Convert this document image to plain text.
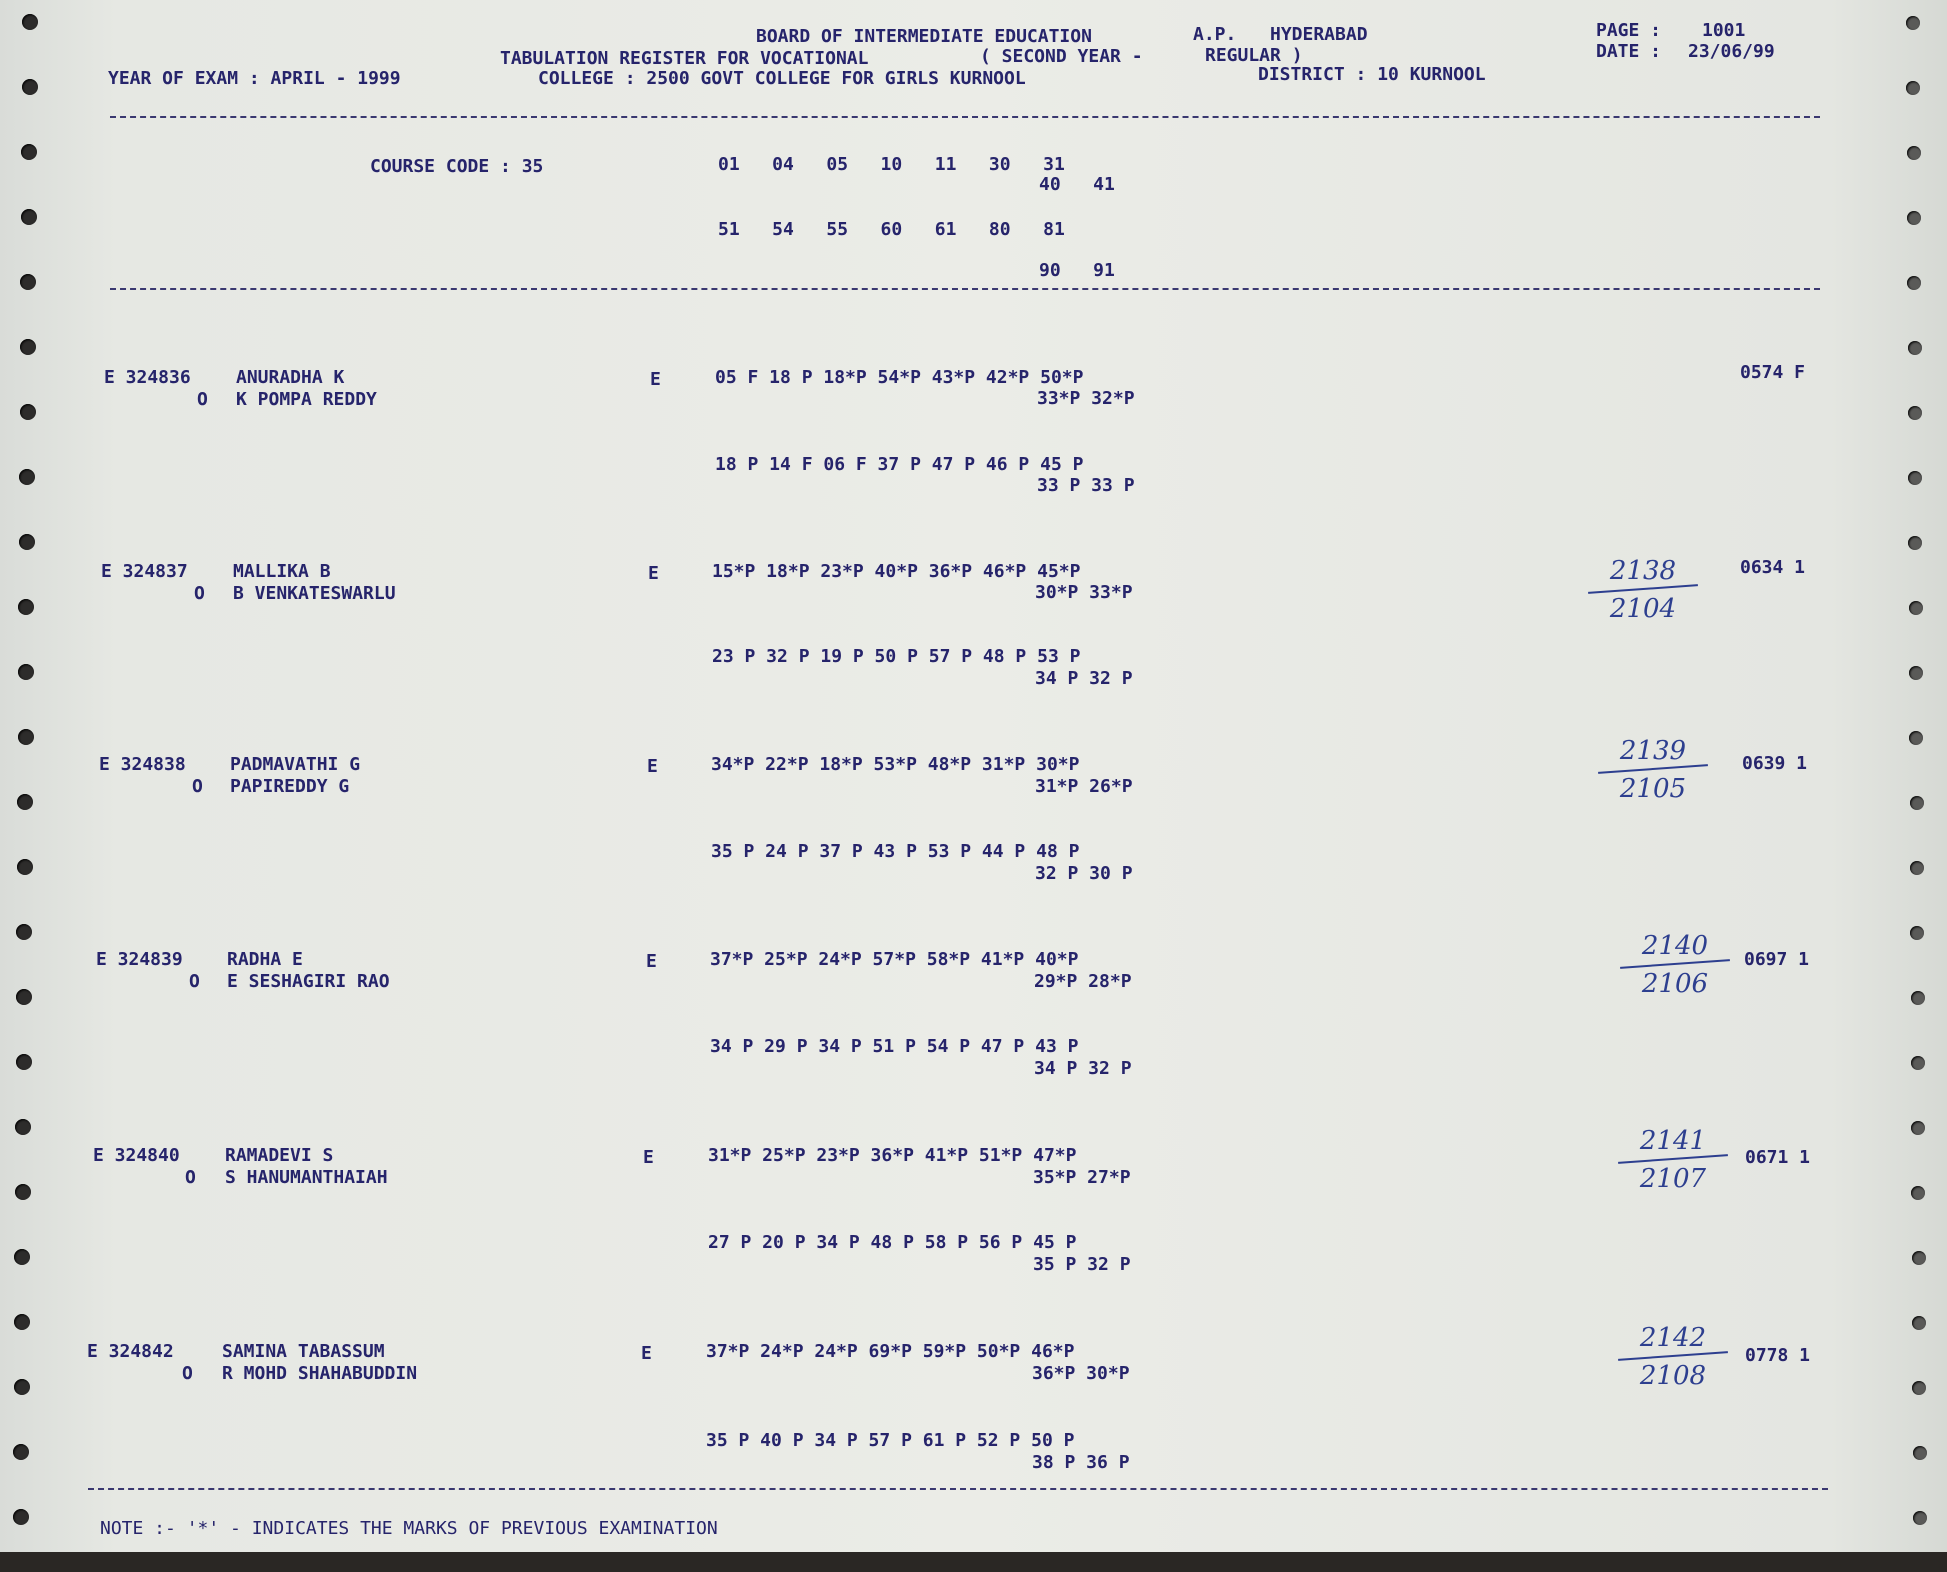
BOARD OF INTERMEDIATE EDUCATION	A.P. HYDERABAD	PAGE : 1001
TABULATION REGISTER FOR VOCATIONAL	( SECOND YEAR -	REGULAR )	DATE : 23/06/99
YEAR OF EXAM : APRIL - 1999	COLLEGE : 2500 GOVT COLLEGE FOR GIRLS KURNOOL	DISTRICT : 10 KURNOOL
COURSE CODE : 35	01   04   05   10   11   30   31
40   41
51   54   55   60   61   80   81
90   91
E 324836	ANURADHA K
O K POMPA REDDY
E	05 F 18 P 18*P 54*P 43*P 42*P 50*P
33*P 32*P
18 P 14 F 06 F 37 P 47 P 46 P 45 P
33 P 33 P
0574 F
E 324837	MALLIKA B
O B VENKATESWARLU
E	15*P 18*P 23*P 40*P 36*P 46*P 45*P
30*P 33*P
23 P 32 P 19 P 50 P 57 P 48 P 53 P
34 P 32 P
0634 1
2138
2104
E 324838 PADMAVATHI G
O PAPIREDDY G
E	34*P 22*P 18*P 53*P 48*P 31*P 30*P
31*P 26*P
35 P 24 P 37 P 43 P 53 P 44 P 48 P
32 P 30 P
0639 1
2139
2105
E 324839 RADHA E
O E SESHAGIRI RAO
E	37*P 25*P 24*P 57*P 58*P 41*P 40*P
29*P 28*P
34 P 29 P 34 P 51 P 54 P 47 P 43 P
34 P 32 P
0697 1
2140
2106
E 324840	RAMADEVI S
O S HANUMANTHAIAH
E	31*P 25*P 23*P 36*P 41*P 51*P 47*P
35*P 27*P
27 P 20 P 34 P 48 P 58 P 56 P 45 P
35 P 32 P
0671 1
2141
2107
E 324842	SAMINA TABASSUM
O R MOHD SHAHABUDDIN
E	37*P 24*P 24*P 69*P 59*P 50*P 46*P
36*P 30*P
35 P 40 P 34 P 57 P 61 P 52 P 50 P
38 P 36 P
0778 1
2142
2108
NOTE :- '*' - INDICATES THE MARKS OF PREVIOUS EXAMINATION
